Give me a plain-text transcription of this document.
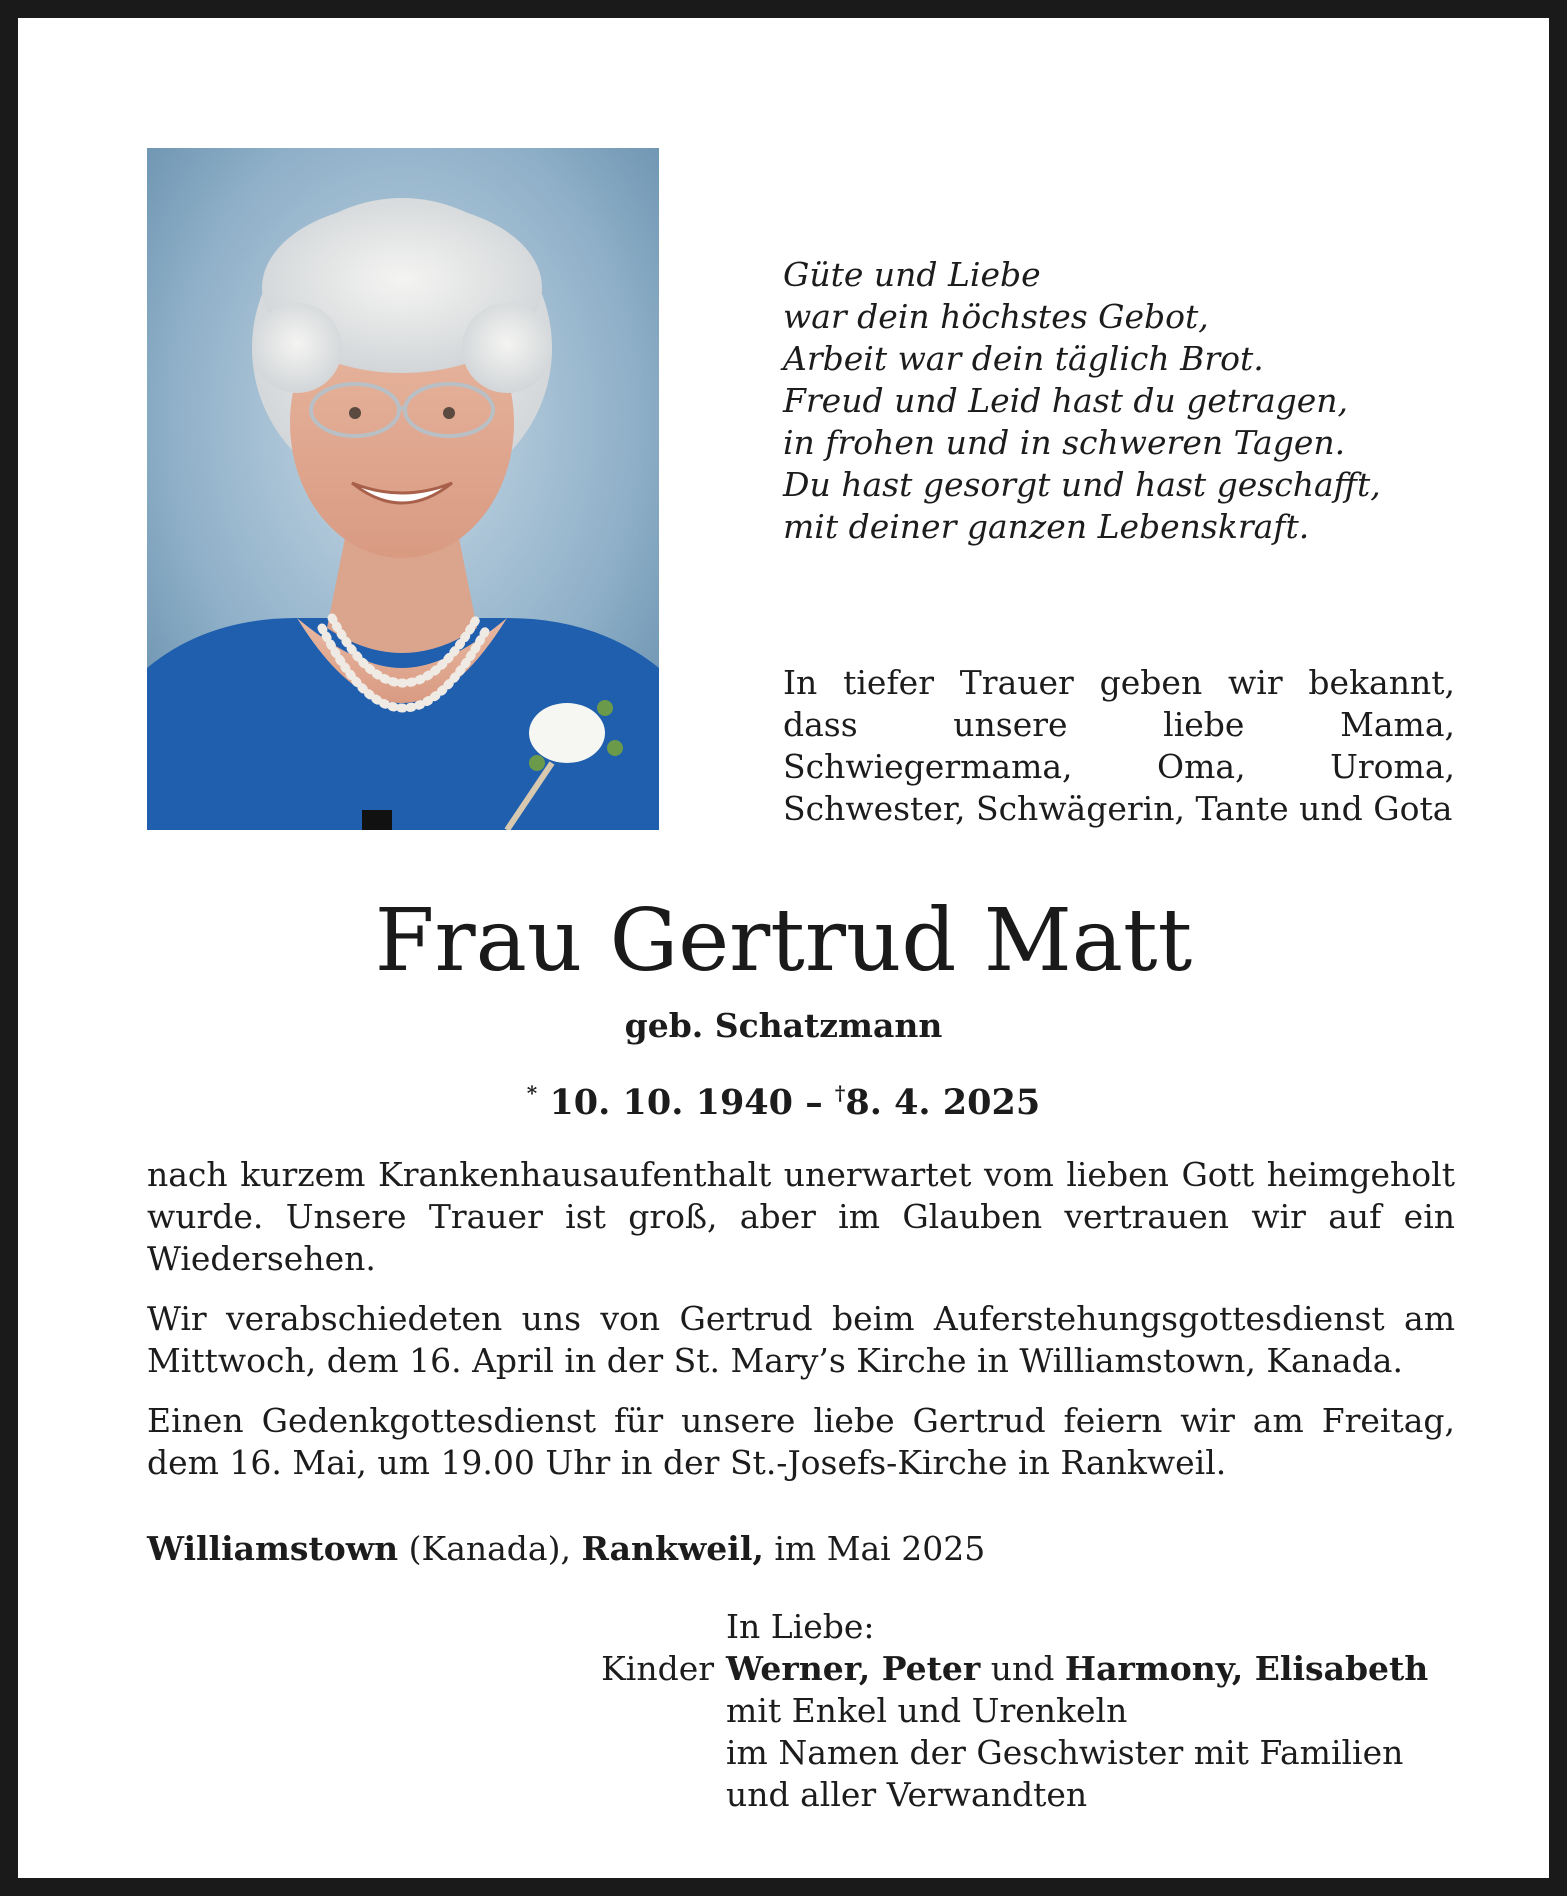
Güte und Liebe
war dein höchstes Gebot,
Arbeit war dein täglich Brot.
Freud und Leid hast du getragen,
in frohen und in schweren Tagen.
Du hast gesorgt und hast geschafft,
mit deiner ganzen Lebenskraft.
In tiefer Trauer geben wir bekannt, dass unsere liebe Mama, Schwiegermama, Oma, Uroma, Schwester, Schwägerin, Tante und Gota
Frau Gertrud Matt
geb. Schatzmann
* 10. 10. 1940 – †8. 4. 2025

nach kurzem Krankenhausaufenthalt unerwartet vom lieben Gott heimgeholt wurde. Unsere Trauer ist groß, aber im Glauben vertrauen wir auf ein Wiedersehen.

Wir verabschiedeten uns von Gertrud beim Auferstehungsgottesdienst am Mittwoch, dem 16. April in der St. Mary’s Kirche in Williamstown, Kanada.

Einen Gedenkgottesdienst für unsere liebe Gertrud feiern wir am Freitag, dem 16. Mai, um 19.00 Uhr in der St.-Josefs-Kirche in Rankweil.

Williamstown (Kanada), Rankweil, im Mai 2025
In Liebe:
Kinder Werner, Peter und Harmony, Elisabeth
mit Enkel und Urenkeln
im Namen der Geschwister mit Familien
und aller Verwandten
